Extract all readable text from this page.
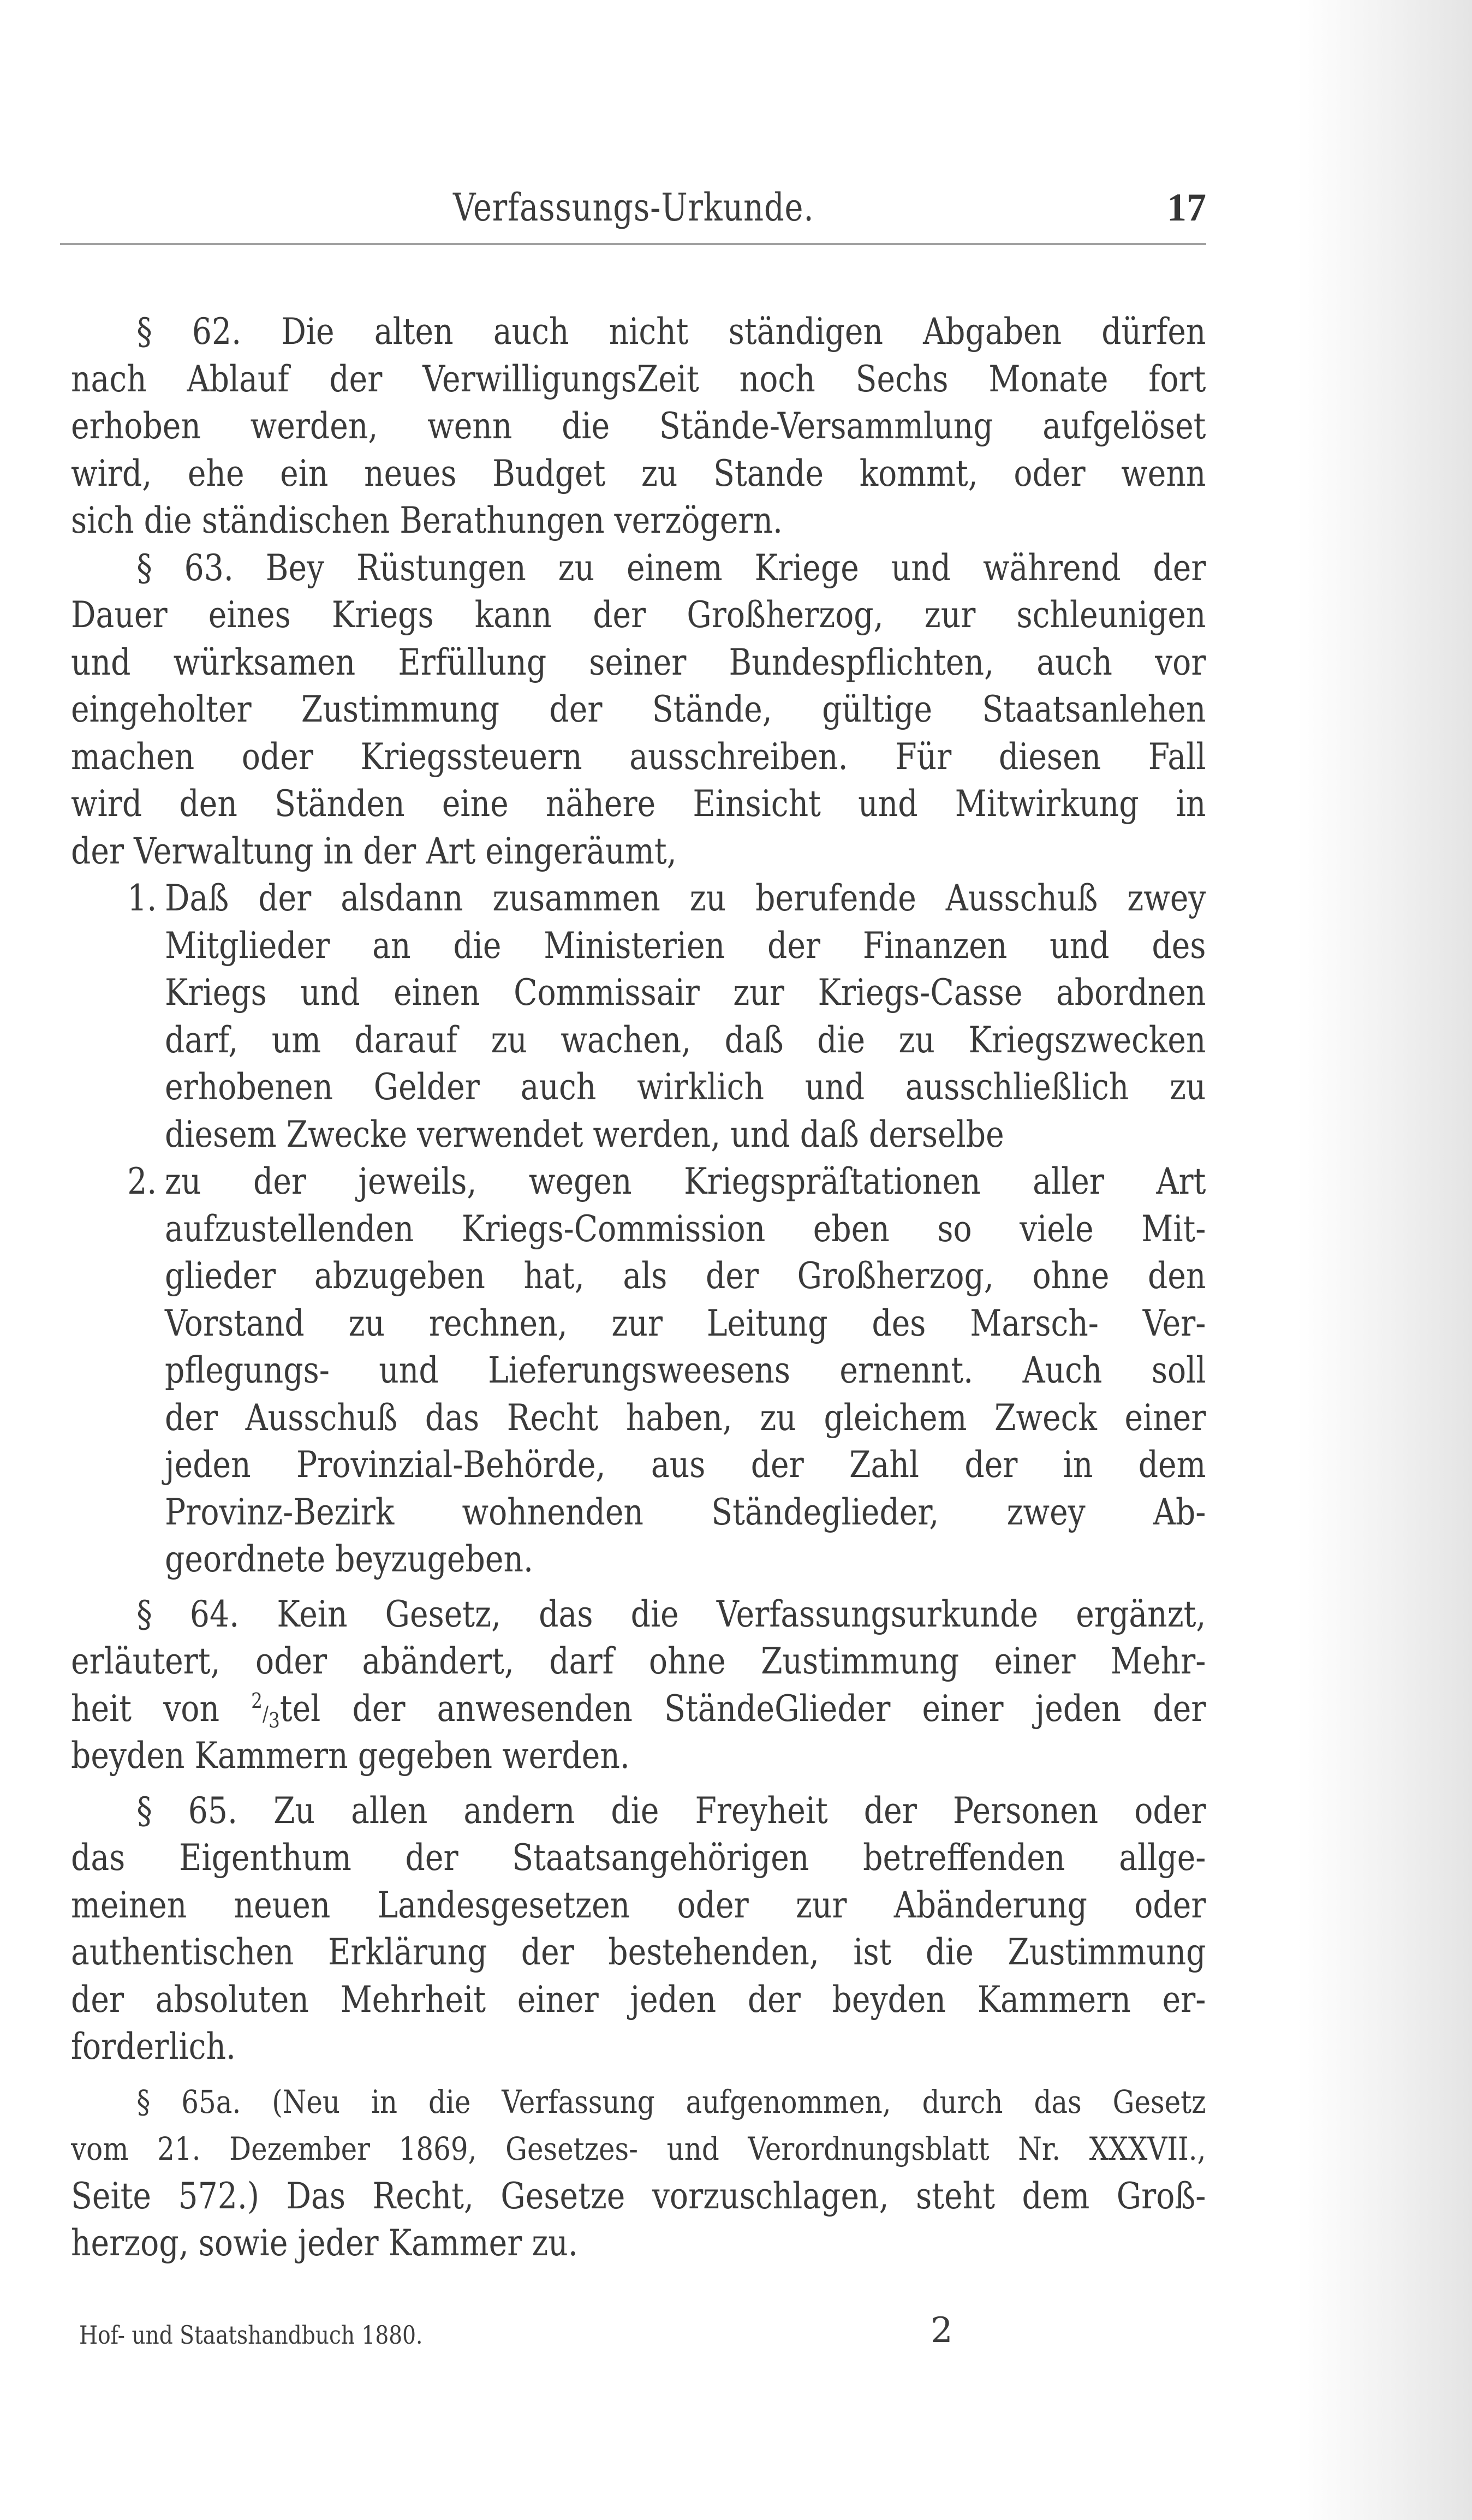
Verfassungs-Urkunde.	17
§ 62. Die alten auch nicht ständigen Abgaben dürfen
nach Ablauf der VerwilligungsZeit noch Sechs Monate fort
erhoben werden, wenn die Stände-Versammlung aufgelöset
wird, ehe ein neues Budget zu Stande kommt, oder wenn
sich die ständischen Berathungen verzögern.
§ 63. Bey Rüstungen zu einem Kriege und während der
Dauer eines Kriegs kann der Großherzog, zur schleunigen
und würksamen Erfüllung seiner Bundespflichten, auch vor
eingeholter Zustimmung der Stände, gültige Staatsanlehen
machen oder Kriegssteuern ausschreiben. Für diesen Fall
wird den Ständen eine nähere Einsicht und Mitwirkung in
der Verwaltung in der Art eingeräumt,
1. Daß der alsdann zusammen zu berufende Ausschuß zwey
Mitglieder an die Ministerien der Finanzen und des
Kriegs und einen Commissair zur Kriegs-Casse abordnen
darf, um darauf zu wachen, daß die zu Kriegszwecken
erhobenen Gelder auch wirklich und ausschließlich zu
diesem Zwecke verwendet werden, und daß derselbe
2. zu der jeweils, wegen Kriegspräſtationen aller Art
aufzustellenden Kriegs-Commission eben so viele Mit-
glieder abzugeben hat, als der Großherzog, ohne den
Vorstand zu rechnen, zur Leitung des Marsch- Ver-
pflegungs- und Lieferungsweesens ernennt. Auch soll
der Ausschuß das Recht haben, zu gleichem Zweck einer
jeden Provinzial-Behörde, aus der Zahl der in dem
Provinz-Bezirk wohnenden Ständeglieder, zwey Ab-
geordnete beyzugeben.
§ 64. Kein Gesetz, das die Verfassungsurkunde ergänzt,
erläutert, oder abändert, darf ohne Zustimmung einer Mehr-
heit von 2/3tel der anwesenden StändeGlieder einer jeden der
beyden Kammern gegeben werden.
§ 65. Zu allen andern die Freyheit der Personen oder
das Eigenthum der Staatsangehörigen betreffenden allge-
meinen neuen Landesgesetzen oder zur Abänderung oder
authentischen Erklärung der bestehenden, ist die Zustimmung
der absoluten Mehrheit einer jeden der beyden Kammern er-
forderlich.
§ 65a. (Neu in die Verfassung aufgenommen, durch das Gesetz
vom 21. Dezember 1869, Gesetzes- und Verordnungsblatt Nr. XXXVII.,
Seite 572.) Das Recht, Gesetze vorzuschlagen, steht dem Groß-
herzog, sowie jeder Kammer zu.
Hof- und Staatshandbuch 1880.	2
